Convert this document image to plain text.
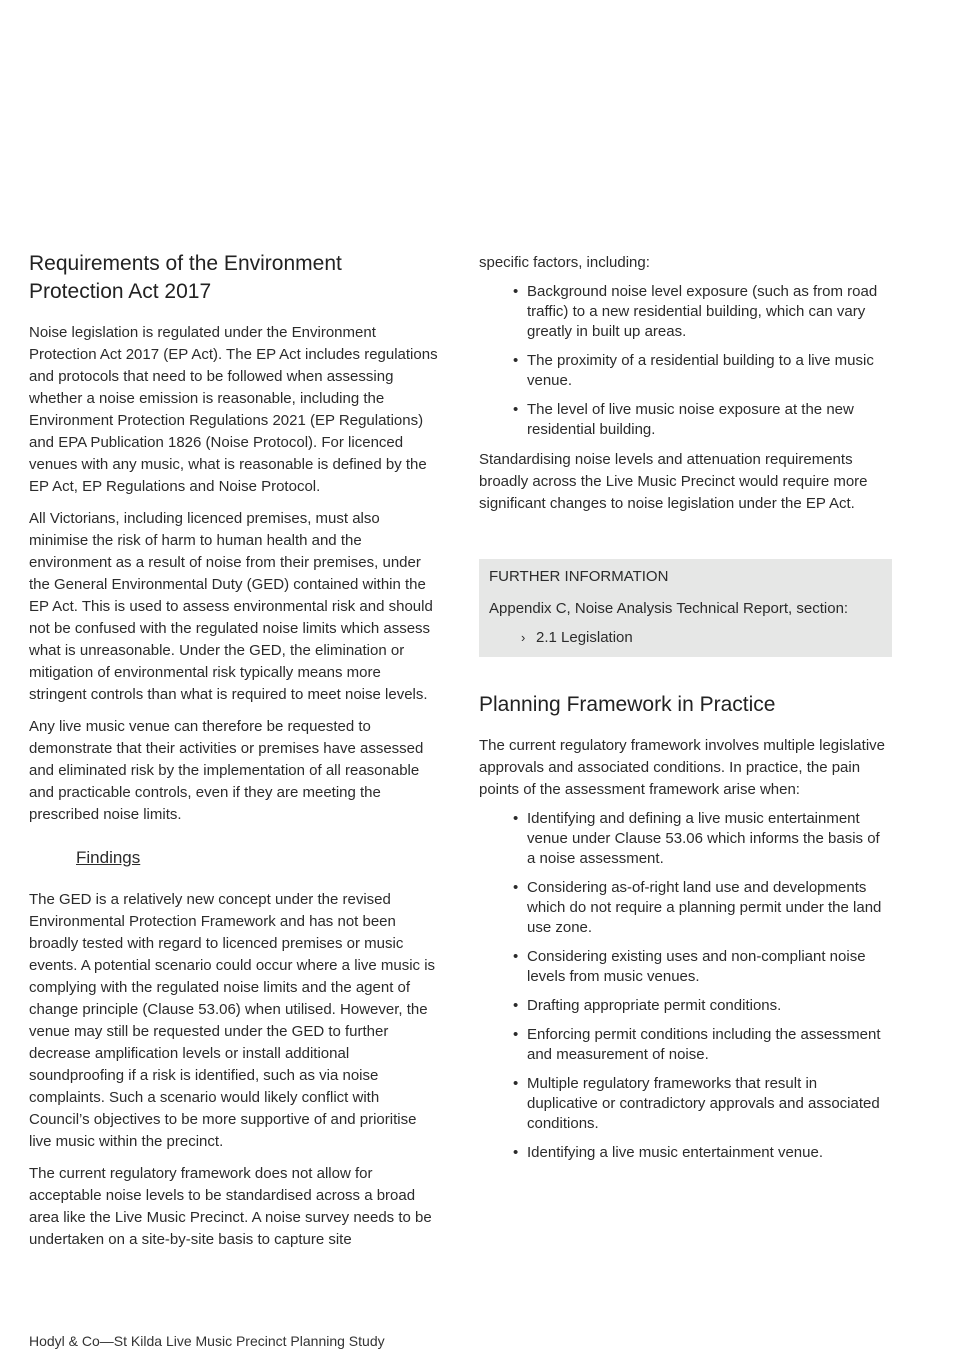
Requirements of the Environment Protection Act 2017

Noise legislation is regulated under the Environment Protection Act 2017 (EP Act). The EP Act includes regulations and protocols that need to be followed when assessing whether a noise emission is reasonable, including the Environment Protection Regulations 2021 (EP Regulations) and EPA Publication 1826 (Noise Protocol). For licenced venues with any music, what is reasonable is defined by the EP Act, EP Regulations and Noise Protocol.

All Victorians, including licenced premises, must also minimise the risk of harm to human health and the environment as a result of noise from their premises, under the General Environmental Duty (GED) contained within the EP Act. This is used to assess environmental risk and should not be confused with the regulated noise limits which assess what is unreasonable. Under the GED, the elimination or mitigation of environmental risk typically means more stringent controls than what is required to meet noise levels.

Any live music venue can therefore be requested to demonstrate that their activities or premises have assessed and eliminated risk by the implementation of all reasonable and practicable controls, even if they are meeting the prescribed noise limits.

Findings

The GED is a relatively new concept under the revised Environmental Protection Framework and has not been broadly tested with regard to licenced premises or music events. A potential scenario could occur where a live music is complying with the regulated noise limits and the agent of change principle (Clause 53.06) when utilised. However, the venue may still be requested under the GED to further decrease amplification levels or install additional soundproofing if a risk is identified, such as via noise complaints. Such a scenario would likely conflict with Council’s objectives to be more supportive of and prioritise live music within the precinct.

The current regulatory framework does not allow for acceptable noise levels to be standardised across a broad area like the Live Music Precinct. A noise survey needs to be undertaken on a site-by-site basis to capture site

specific factors, including:

• Background noise level exposure (such as from road traffic) to a new residential building, which can vary greatly in built up areas.
• The proximity of a residential building to a live music venue.
• The level of live music noise exposure at the new residential building.

Standardising noise levels and attenuation requirements broadly across the Live Music Precinct would require more significant changes to noise legislation under the EP Act.

FURTHER INFORMATION
Appendix C, Noise Analysis Technical Report, section:
› 2.1 Legislation
Planning Framework in Practice

The current regulatory framework involves multiple legislative approvals and associated conditions. In practice, the pain points of the assessment framework arise when:

• Identifying and defining a live music entertainment venue under Clause 53.06 which informs the basis of a noise assessment.
• Considering as-of-right land use and developments which do not require a planning permit under the land use zone.
• Considering existing uses and non-compliant noise levels from music venues.
• Drafting appropriate permit conditions.
• Enforcing permit conditions including the assessment and measurement of noise.
• Multiple regulatory frameworks that result in duplicative or contradictory approvals and associated conditions.
• Identifying a live music entertainment venue.
Hodyl & Co—St Kilda Live Music Precinct Planning Study
